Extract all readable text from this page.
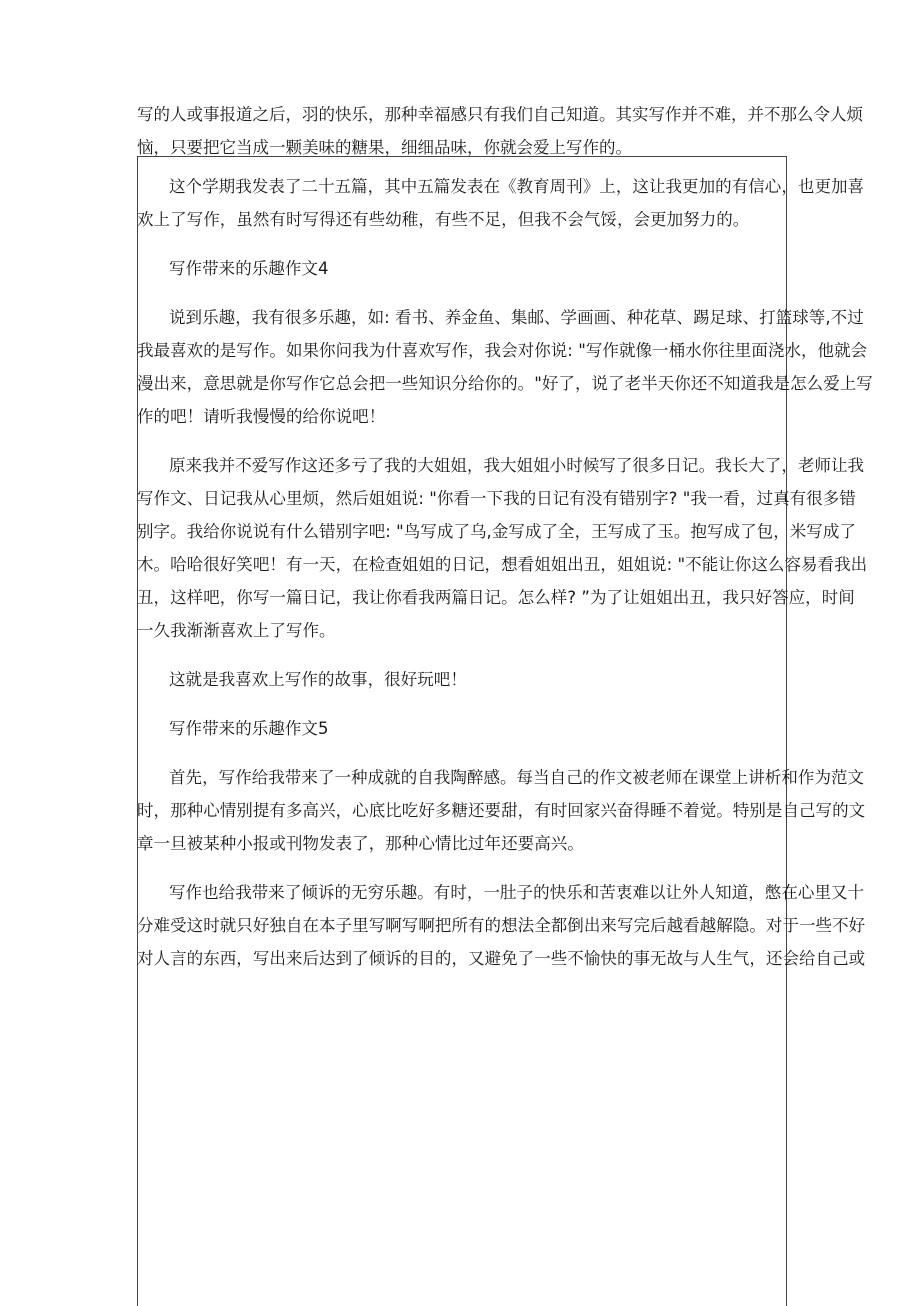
写的人或事报道之后，羽的快乐，那种幸福感只有我们自己知道。其实写作并不难，并不那么令人烦
恼，只要把它当成一颗美味的糖果，细细品味，你就会爱上写作的。
这个学期我发表了二十五篇，其中五篇发表在《教育周刊》上，这让我更加的有信心，也更加喜
欢上了写作，虽然有时写得还有些幼稚，有些不足，但我不会气馁，会更加努力的。
写作带来的乐趣作文4
说到乐趣，我有很多乐趣，如: 看书、养金鱼、集邮、学画画、种花草、踢足球、打篮球等,不过
我最喜欢的是写作。如果你问我为什喜欢写作，我会对你说: "写作就像一桶水你往里面浇水，他就会
漫出来，意思就是你写作它总会把一些知识分给你的。"好了，说了老半天你还不知道我是怎么爱上写
作的吧！请听我慢慢的给你说吧！
原来我并不爱写作这还多亏了我的大姐姐，我大姐姐小时候写了很多日记。我长大了，老师让我
写作文、日记我从心里烦，然后姐姐说: "你看一下我的日记有没有错别字? "我一看，过真有很多错
别字。我给你说说有什么错别字吧: "鸟写成了乌,金写成了全，王写成了玉。抱写成了包，米写成了
木。哈哈很好笑吧！有一天，在检查姐姐的日记，想看姐姐出丑，姐姐说: "不能让你这么容易看我出
丑，这样吧，你写一篇日记，我让你看我两篇日记。怎么样? ”为了让姐姐出丑，我只好答应，时间
一久我渐渐喜欢上了写作。
这就是我喜欢上写作的故事，很好玩吧！
写作带来的乐趣作文5
首先，写作给我带来了一种成就的自我陶醉感。每当自己的作文被老师在课堂上讲析和作为范文
时，那种心情别提有多高兴，心底比吃好多糖还要甜，有时回家兴奋得睡不着觉。特别是自己写的文
章一旦被某种小报或刊物发表了，那种心情比过年还要高兴。
写作也给我带来了倾诉的无穷乐趣。有时，一肚子的快乐和苦衷难以让外人知道，憋在心里又十
分难受这时就只好独自在本子里写啊写啊把所有的想法全都倒出来写完后越看越解隐。对于一些不好
对人言的东西，写出来后达到了倾诉的目的，又避免了一些不愉快的事无故与人生气，还会给自己或
